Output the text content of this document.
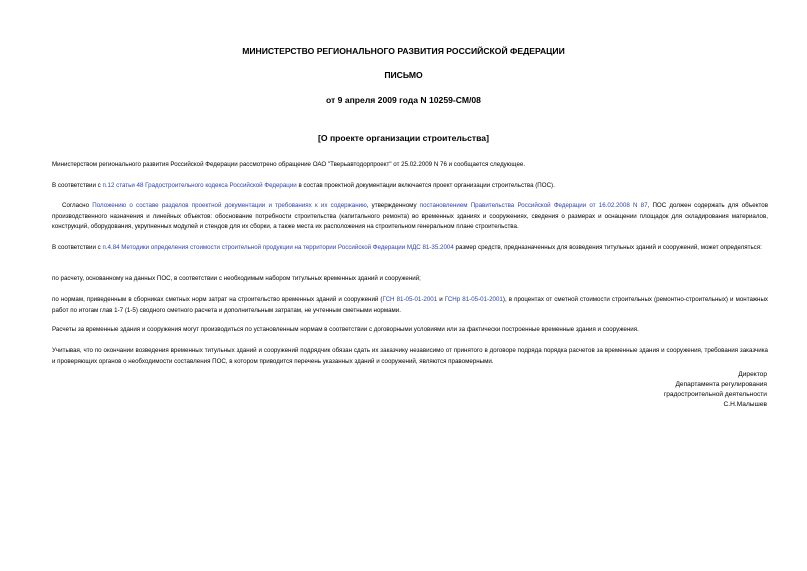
МИНИСТЕРСТВО РЕГИОНАЛЬНОГО РАЗВИТИЯ РОССИЙСКОЙ ФЕДЕРАЦИИ
ПИСЬМО
от 9 апреля 2009 года N 10259-СМ/08
[О проекте организации строительства]
Министерством регионального развития Российской Федерации рассмотрено обращение ОАО "Тверьавтодорпроект" от 25.02.2009 N 76 и сообщается следующее.
В соответствии с п.12 статьи 48 Градостроительного кодекса Российской Федерации в состав проектной документации включается проект организации строительства (ПОС).
Согласно Положению о составе разделов проектной документации и требованиях к их содержанию, утвержденному постановлением Правительства Российской Федерации от 16.02.2008 N 87, ПОС должен содержать для объектов производственного назначения и линейных объектов: обоснование потребности строительства (капитального ремонта) во временных зданиях и сооружениях, сведения о размерах и оснащении площадок для складирования материалов, конструкций, оборудования, укрупненных модулей и стендов для их сборки, а также места их расположения на строительном генеральном плане строительства.
В соответствии с п.4.84 Методики определения стоимости строительной продукции на территории Российской Федерации МДС 81-35.2004 размер средств, предназначенных для возведения титульных зданий и сооружений, может определяться:
по расчету, основанному на данных ПОС, в соответствии с необходимым набором титульных временных зданий и сооружений;
по нормам, приведенным в сборниках сметных норм затрат на строительство временных зданий и сооружений (ГСН 81-05-01-2001 и ГСНр 81-05-01-2001), в процентах от сметной стоимости строительных (ремонтно-строительных) и монтажных работ по итогам глав 1-7 (1-5) сводного сметного расчета и дополнительным затратам, не учтенным сметными нормами.
Расчеты за временные здания и сооружения могут производиться по установленным нормам в соответствии с договорными условиями или за фактически построенные временные здания и сооружения.
Учитывая, что по окончании возведения временных титульных зданий и сооружений подрядчик обязан сдать их заказчику независимо от принятого в договоре подряда порядка расчетов за временные здания и сооружения, требования заказчика и проверяющих органов о необходимости составления ПОС, в котором приводится перечень указанных зданий и сооружений, являются правомерными.
Директор
Департамента регулирования
градостроительной деятельности
С.Н.Малышев
